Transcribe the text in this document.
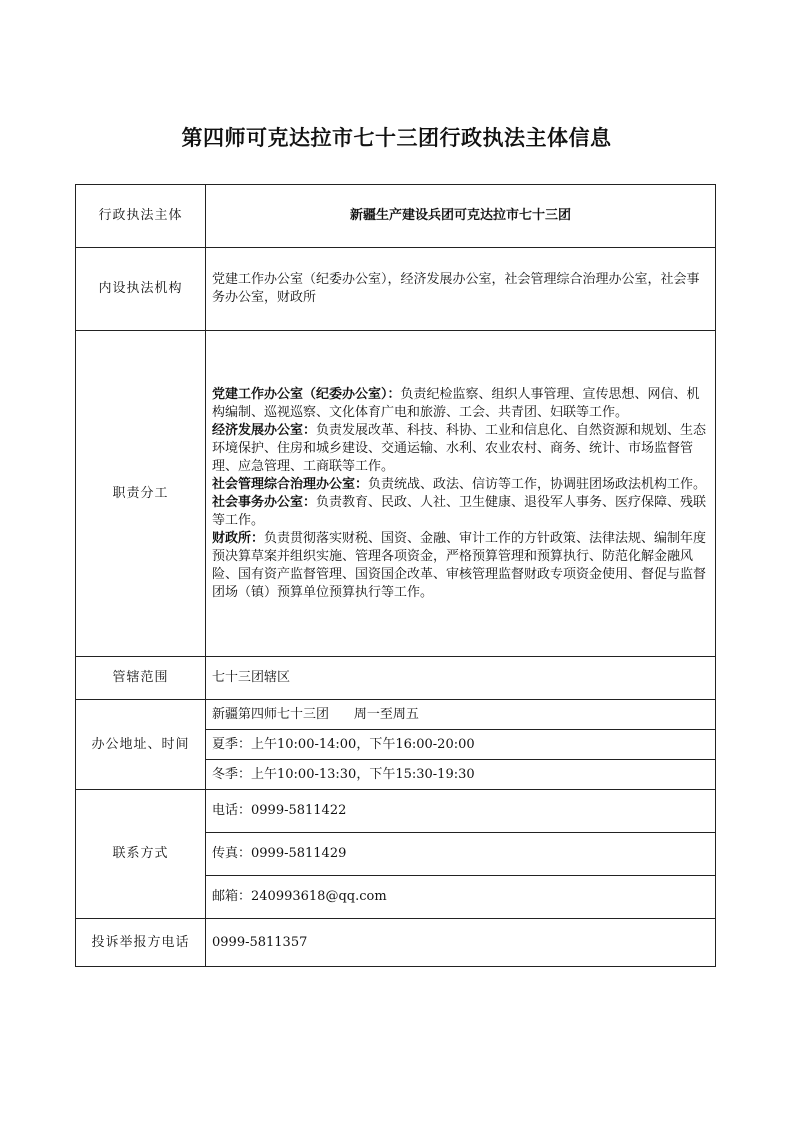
第四师可克达拉市七十三团行政执法主体信息
行政执法主体	新疆生产建设兵团可克达拉市七十三团
内设执法机构	党建工作办公室（纪委办公室），经济发展办公室，社会管理综合治理办公室，社会事务办公室，财政所
职责分工	党建工作办公室（纪委办公室）：负责纪检监察、组织人事管理、宣传思想、网信、机构编制、巡视巡察、文化体育广电和旅游、工会、共青团、妇联等工作。

经济发展办公室：负责发展改革、科技、科协、工业和信息化、自然资源和规划、生态环境保护、住房和城乡建设、交通运输、水利、农业农村、商务、统计、市场监督管理、应急管理、工商联等工作。

社会管理综合治理办公室：负责统战、政法、信访等工作，协调驻团场政法机构工作。

社会事务办公室：负责教育、民政、人社、卫生健康、退役军人事务、医疗保障、残联等工作。

财政所：负责贯彻落实财税、国资、金融、审计工作的方针政策、法律法规、编制年度预决算草案并组织实施、管理各项资金，严格预算管理和预算执行、防范化解金融风险、国有资产监督管理、国资国企改革、审核管理监督财政专项资金使用、督促与监督团场（镇）预算单位预算执行等工作。

管辖范围	七十三团辖区
办公地址、时间	新疆第四师七十三团 周一至周五
	夏季：上午10:00-14:00，下午16:00-20:00
	冬季：上午10:00-13:30，下午15:30-19:30
联系方式	电话：0999-5811422
	传真：0999-5811429
	邮箱：240993618@qq.com
投诉举报方电话	0999-5811357
